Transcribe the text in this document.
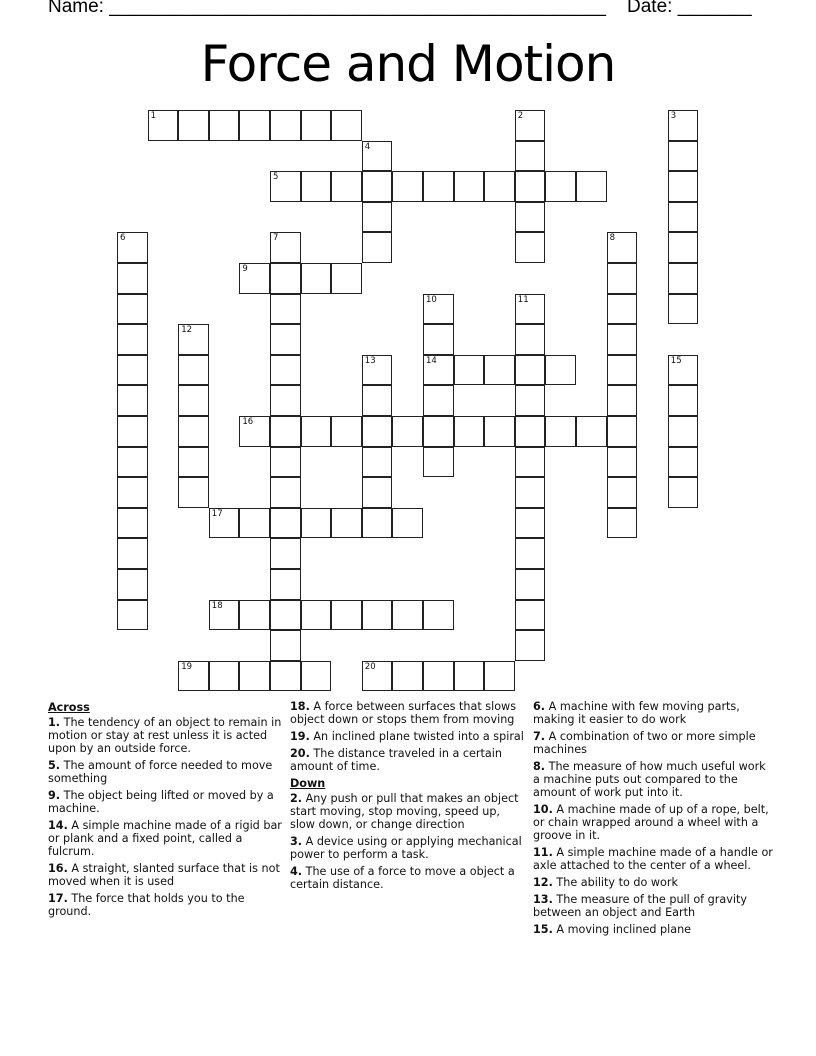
Name: _______________________________________________ Date: _______
Force and Motion
1	2	3
4
5
6	7	8
9
10
14
11
12
13	15
16
17
18
19	20
Across
1. The tendency of an object to remain in motion or stay at rest unless it is acted upon by an outside force.
5. The amount of force needed to move something
9. The object being lifted or moved by a machine.
14. A simple machine made of a rigid bar or plank and a fixed point, called a fulcrum.
16. A straight, slanted surface that is not moved when it is used
17. The force that holds you to the ground.
18. A force between surfaces that slows object down or stops them from moving
19. An inclined plane twisted into a spiral
20. The distance traveled in a certain amount of time.
Down
2. Any push or pull that makes an object start moving, stop moving, speed up, slow down, or change direction
3. A device using or applying mechanical power to perform a task.
4. The use of a force to move a object a certain distance.
6. A machine with few moving parts, making it easier to do work
7. A combination of two or more simple machines
8. The measure of how much useful work a machine puts out compared to the amount of work put into it.
10. A machine made of up of a rope, belt, or chain wrapped around a wheel with a groove in it.
11. A simple machine made of a handle or axle attached to the center of a wheel.
12. The ability to do work
13. The measure of the pull of gravity between an object and Earth
15. A moving inclined plane
